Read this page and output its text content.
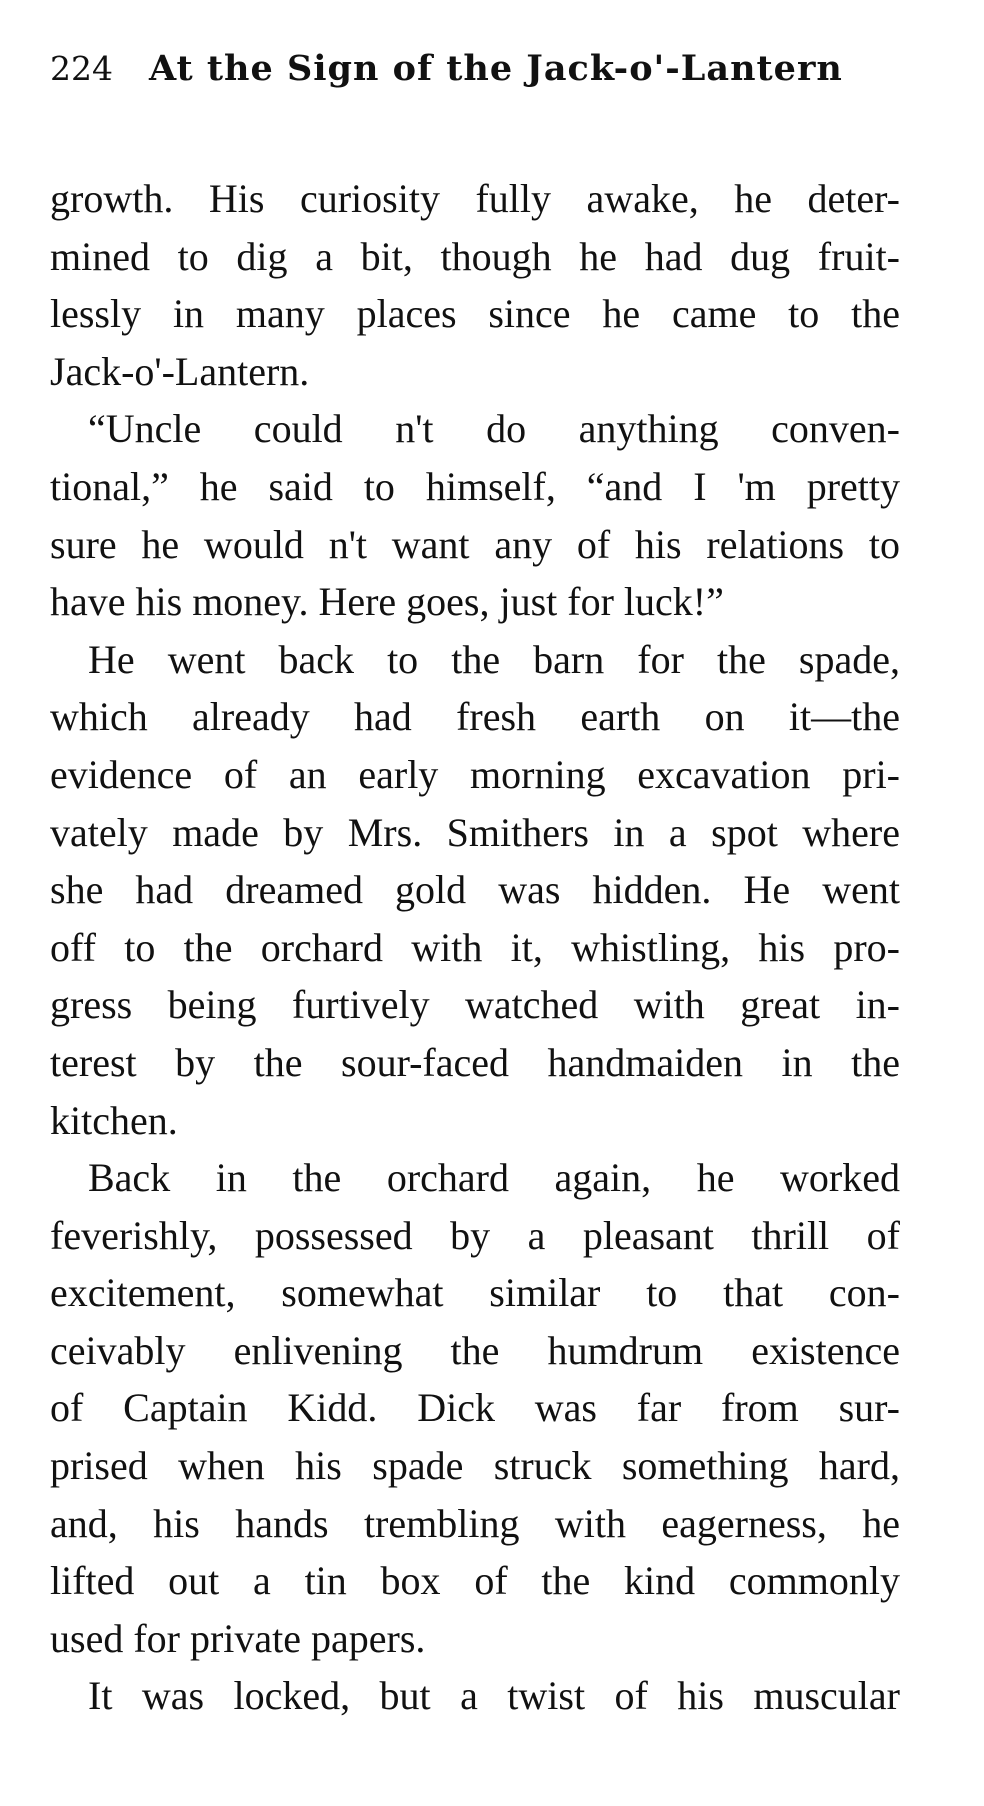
224 At the Sign of the Jack-o'-Lantern
growth. His curiosity fully awake, he deter-
mined to dig a bit, though he had dug fruit-
lessly in many places since he came to the
Jack-o'-Lantern.
“Uncle could n't do anything conven-
tional,” he said to himself, “and I 'm pretty
sure he would n't want any of his relations to
have his money. Here goes, just for luck!”
He went back to the barn for the spade,
which already had fresh earth on it—the
evidence of an early morning excavation pri-
vately made by Mrs. Smithers in a spot where
she had dreamed gold was hidden. He went
off to the orchard with it, whistling, his pro-
gress being furtively watched with great in-
terest by the sour-faced handmaiden in the
kitchen.
Back in the orchard again, he worked
feverishly, possessed by a pleasant thrill of
excitement, somewhat similar to that con-
ceivably enlivening the humdrum existence
of Captain Kidd. Dick was far from sur-
prised when his spade struck something hard,
and, his hands trembling with eagerness, he
lifted out a tin box of the kind commonly
used for private papers.
It was locked, but a twist of his muscular
